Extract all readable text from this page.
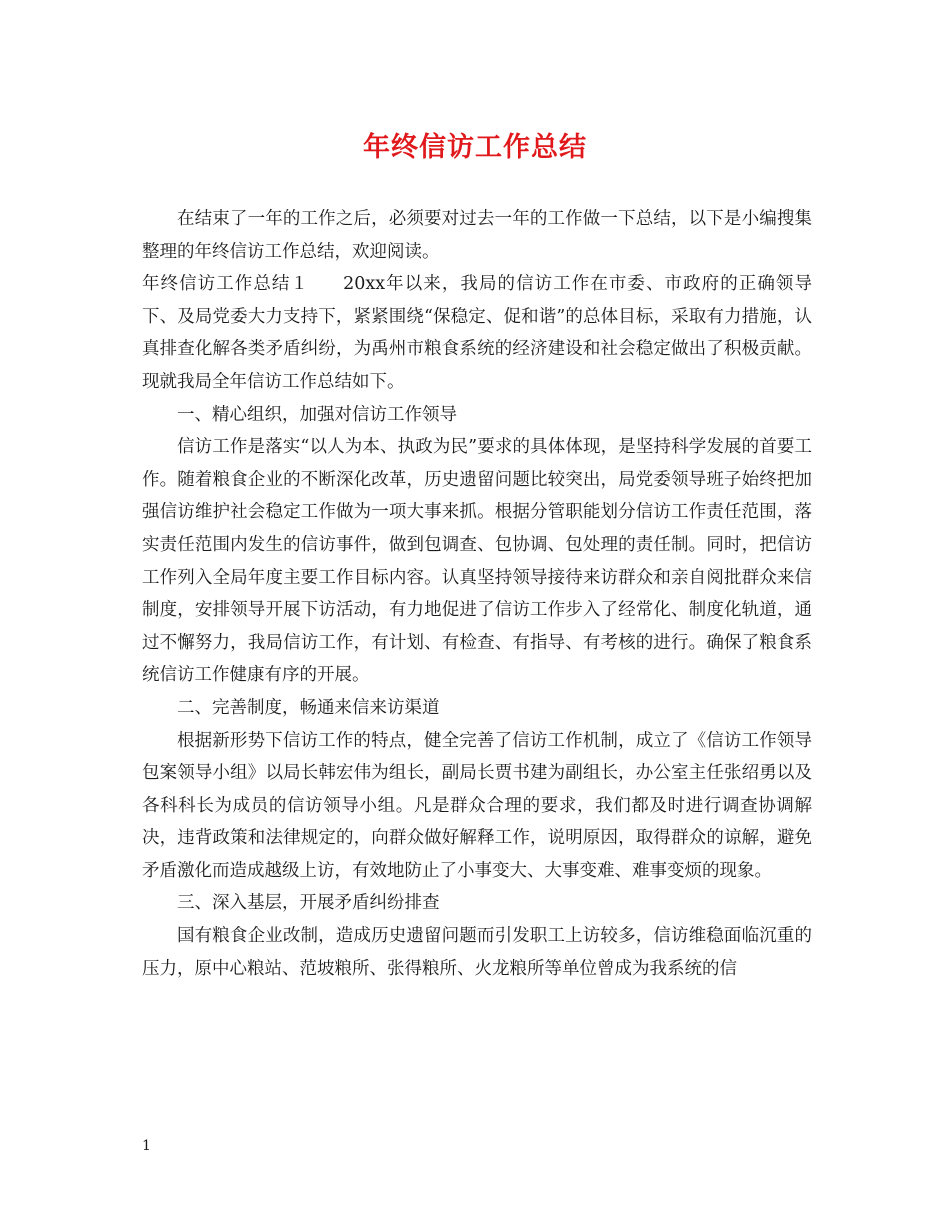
年终信访工作总结

在结束了一年的工作之后，必须要对过去一年的工作做一下总结，以下是小编搜集整理的年终信访工作总结，欢迎阅读。

年终信访工作总结１ 20xx年以来，我局的信访工作在市委、市政府的正确领导下、及局党委大力支持下，紧紧围绕“保稳定、促和谐”的总体目标，采取有力措施，认真排查化解各类矛盾纠纷，为禹州市粮食系统的经济建设和社会稳定做出了积极贡献。现就我局全年信访工作总结如下。

一、精心组织，加强对信访工作领导

信访工作是落实“以人为本、执政为民”要求的具体体现，是坚持科学发展的首要工作。随着粮食企业的不断深化改革，历史遗留问题比较突出，局党委领导班子始终把加强信访维护社会稳定工作做为一项大事来抓。根据分管职能划分信访工作责任范围，落实责任范围内发生的信访事件，做到包调查、包协调、包处理的责任制。同时，把信访工作列入全局年度主要工作目标内容。认真坚持领导接待来访群众和亲自阅批群众来信制度，安排领导开展下访活动，有力地促进了信访工作步入了经常化、制度化轨道，通过不懈努力，我局信访工作，有计划、有检查、有指导、有考核的进行。确保了粮食系统信访工作健康有序的开展。

二、完善制度，畅通来信来访渠道

根据新形势下信访工作的特点，健全完善了信访工作机制，成立了《信访工作领导包案领导小组》以局长韩宏伟为组长，副局长贾书建为副组长，办公室主任张绍勇以及各科科长为成员的信访领导小组。凡是群众合理的要求，我们都及时进行调查协调解决，违背政策和法律规定的，向群众做好解释工作，说明原因，取得群众的谅解，避免矛盾激化而造成越级上访，有效地防止了小事变大、大事变难、难事变烦的现象。

三、深入基层，开展矛盾纠纷排查

国有粮食企业改制，造成历史遗留问题而引发职工上访较多，信访维稳面临沉重的压力，原中心粮站、范坡粮所、张得粮所、火龙粮所等单位曾成为我系统的信

1
